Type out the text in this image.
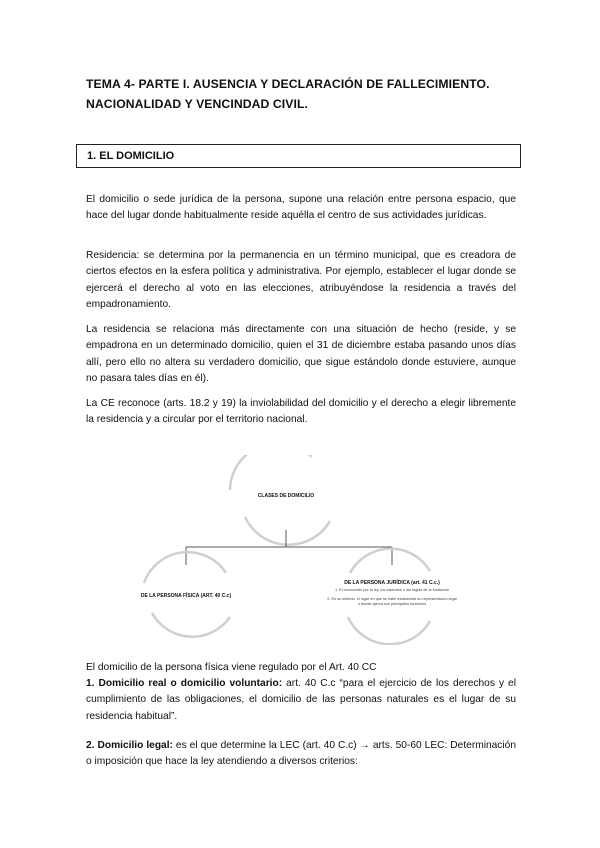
TEMA 4- PARTE I. AUSENCIA Y DECLARACIÓN DE FALLECIMIENTO.
NACIONALIDAD Y VENCINDAD CIVIL.
1. EL DOMICILIO

El domicilio o sede jurídica de la persona, supone una relación entre persona espacio, que hace del lugar donde habitualmente reside aquélla el centro de sus actividades jurídicas.

Residencia: se determina por la permanencia en un término municipal, que es creadora de ciertos efectos en la esfera política y administrativa. Por ejemplo, establecer el lugar donde se ejercerá el derecho al voto en las elecciones, atribuyéndose la residencia a través del empadronamiento.

La residencia se relaciona más directamente con una situación de hecho (reside, y se empadrona en un determinado domicilio, quien el 31 de diciembre estaba pasando unos días allí, pero ello no altera su verdadero domicilio, que sigue estándolo donde estuviere, aunque no pasara tales días en él).

La CE reconoce (arts. 18.2 y 19) la inviolabilidad del domicilio y el derecho a elegir libremente la residencia y a circular por el territorio nacional.

CLASES DE DOMICILIO
DE LA PERSONA FÍSICA (ART. 40 C.c)
DE LA PERSONA JURÍDICA (art. 41 C.c.)
1. El reconocido por la ley, los estatutos o las reglas de la fundación
2. En su defecto, el lugar en que se halle establecida su representación legal o donde ejerza sus principales funciones

El domicilio de la persona física viene regulado por el Art. 40 CC

1. Domicilio real o domicilio voluntario: art. 40 C.c “para el ejercicio de los derechos y el cumplimiento de las obligaciones, el domicilio de las personas naturales es el lugar de su residencia habitual”.

2. Domicilio legal: es el que determine la LEC (art. 40 C.c) → arts. 50-60 LEC: Determinación o imposición que hace la ley atendiendo a diversos criterios:
